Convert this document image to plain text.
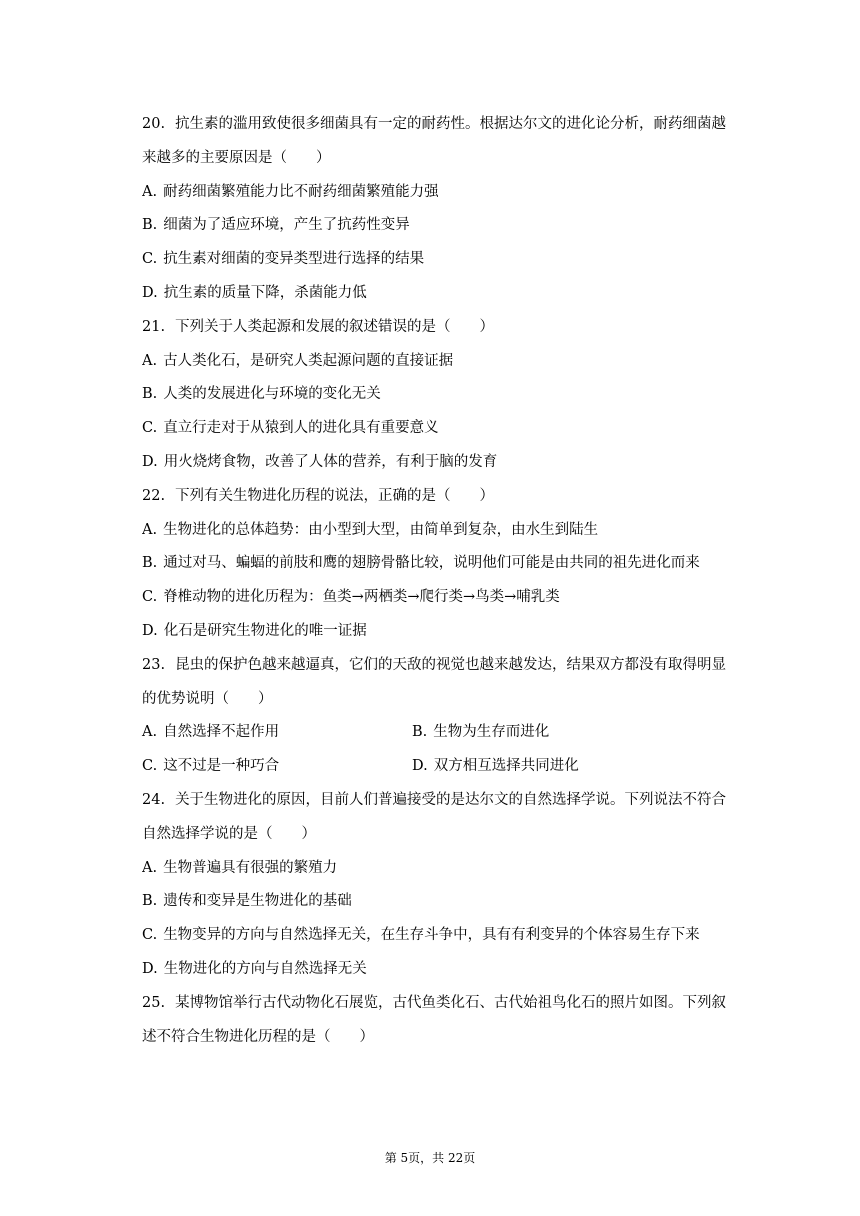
20. 抗生素的滥用致使很多细菌具有一定的耐药性。根据达尔文的进化论分析，耐药细菌越
来越多的主要原因是（　　）
A. 耐药细菌繁殖能力比不耐药细菌繁殖能力强
B. 细菌为了适应环境，产生了抗药性变异
C. 抗生素对细菌的变异类型进行选择的结果
D. 抗生素的质量下降，杀菌能力低
21. 下列关于人类起源和发展的叙述错误的是（　　）
A. 古人类化石，是研究人类起源问题的直接证据
B. 人类的发展进化与环境的变化无关
C. 直立行走对于从猿到人的进化具有重要意义
D. 用火烧烤食物，改善了人体的营养，有利于脑的发育
22. 下列有关生物进化历程的说法，正确的是（　　）
A. 生物进化的总体趋势：由小型到大型，由简单到复杂，由水生到陆生
B. 通过对马、蝙蝠的前肢和鹰的翅膀骨骼比较，说明他们可能是由共同的祖先进化而来
C. 脊椎动物的进化历程为：鱼类→两栖类→爬行类→鸟类→哺乳类
D. 化石是研究生物进化的唯一证据
23. 昆虫的保护色越来越逼真，它们的天敌的视觉也越来越发达，结果双方都没有取得明显
的优势说明（　　）
A. 自然选择不起作用	B. 生物为生存而进化
C. 这不过是一种巧合	D. 双方相互选择共同进化
24. 关于生物进化的原因，目前人们普遍接受的是达尔文的自然选择学说。下列说法不符合
自然选择学说的是（　　）
A. 生物普遍具有很强的繁殖力
B. 遗传和变异是生物进化的基础
C. 生物变异的方向与自然选择无关，在生存斗争中，具有有利变异的个体容易生存下来
D. 生物进化的方向与自然选择无关
25. 某博物馆举行古代动物化石展览，古代鱼类化石、古代始祖鸟化石的照片如图。下列叙
述不符合生物进化历程的是（　　）
第 5页，共 22页
